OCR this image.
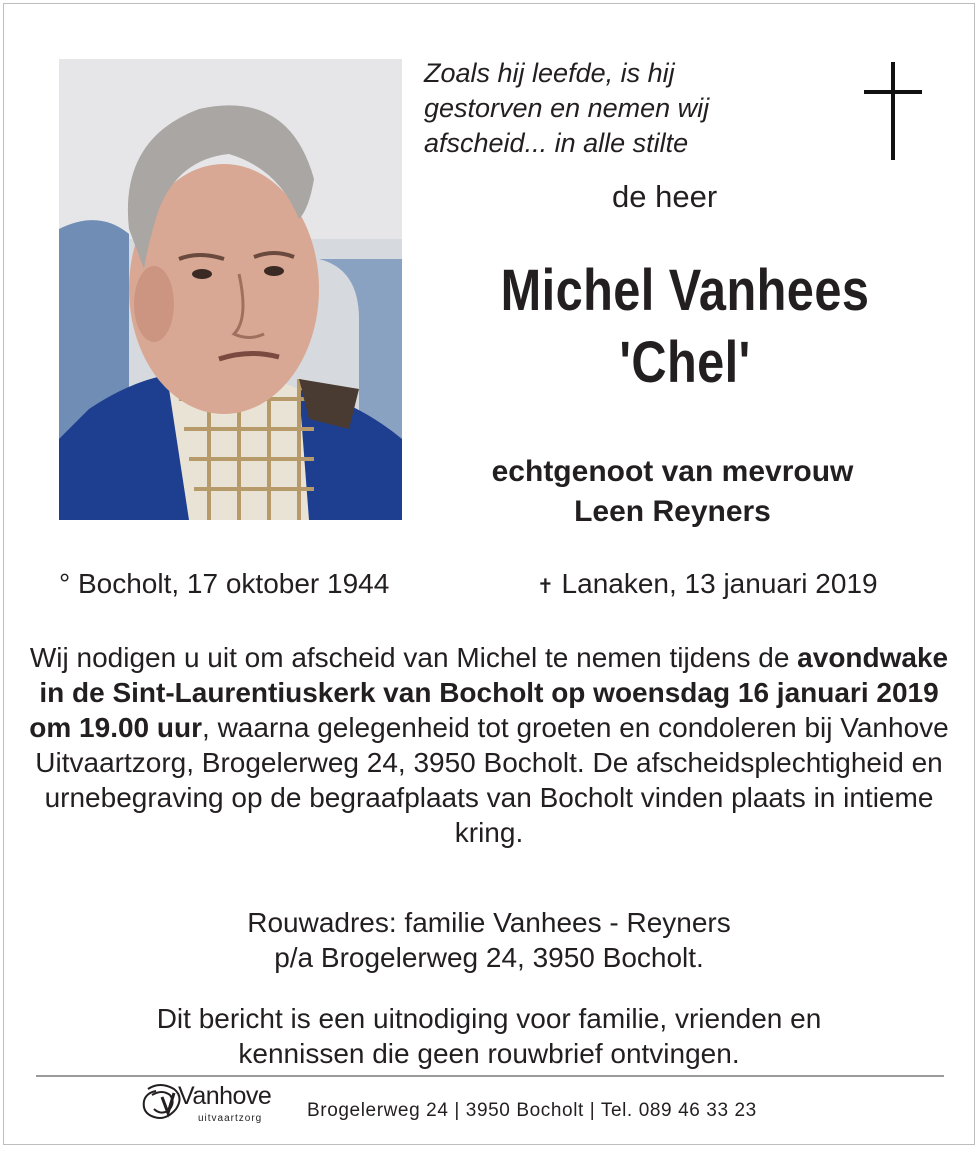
Zoals hij leefde, is hij
gestorven en nemen wij
afscheid... in alle stilte
de heer
Michel Vanhees
'Chel'
echtgenoot van mevrouw
Leen Reyners
° Bocholt, 17 oktober 1944	✝ Lanaken, 13 januari 2019
Wij nodigen u uit om afscheid van Michel te nemen tijdens de avondwake in de Sint-Laurentiuskerk van Bocholt op woensdag 16 januari 2019 om 19.00 uur, waarna gelegenheid tot groeten en condoleren bij Vanhove Uitvaartzorg, Brogelerweg 24, 3950 Bocholt. De afscheidsplechtigheid en urnebegraving op de begraafplaats van Bocholt vinden plaats in intieme kring.
Rouwadres: familie Vanhees - Reyners
p/a Brogelerweg 24, 3950 Bocholt.
Dit bericht is een uitnodiging voor familie, vrienden en
kennissen die geen rouwbrief ontvingen.
Vanhove
uitvaartzorg Brogelerweg 24 | 3950 Bocholt | Tel. 089 46 33 23
